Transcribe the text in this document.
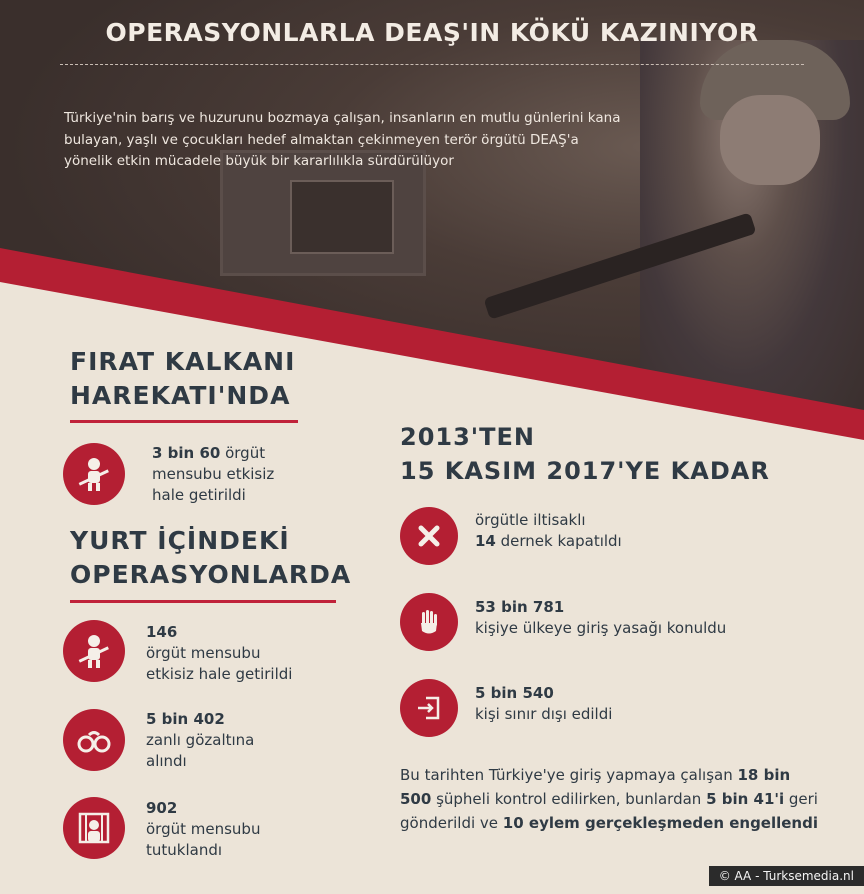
OPERASYONLARLA DEAŞ'IN KÖKÜ KAZINIYOR

Türkiye'nin barış ve huzurunu bozmaya çalışan, insanların en mutlu günlerini kana bulayan, yaşlı ve çocukları hedef almaktan çekinmeyen terör örgütü DEAŞ'a yönelik etkin mücadele büyük bir kararlılıkla sürdürülüyor

FIRAT KALKANI
HAREKATI'NDA

3 bin 60 örgüt
mensubu etkisiz
hale getirildi

YURT İÇİNDEKİ
OPERASYONLARDA

146
örgüt mensubu
etkisiz hale getirildi

5 bin 402
zanlı gözaltına
alındı

902
örgüt mensubu
tutuklandı

2013'TEN
15 KASIM 2017'YE KADAR

örgütle iltisaklı
14 dernek kapatıldı

53 bin 781
kişiye ülkeye giriş yasağı konuldu

5 bin 540
kişi sınır dışı edildi

Bu tarihten Türkiye'ye giriş yapmaya çalışan 18 bin 500 şüpheli kontrol edilirken, bunlardan 5 bin 41'i geri gönderildi ve 10 eylem gerçekleşmeden engellendi

© AA - Turksemedia.nl
